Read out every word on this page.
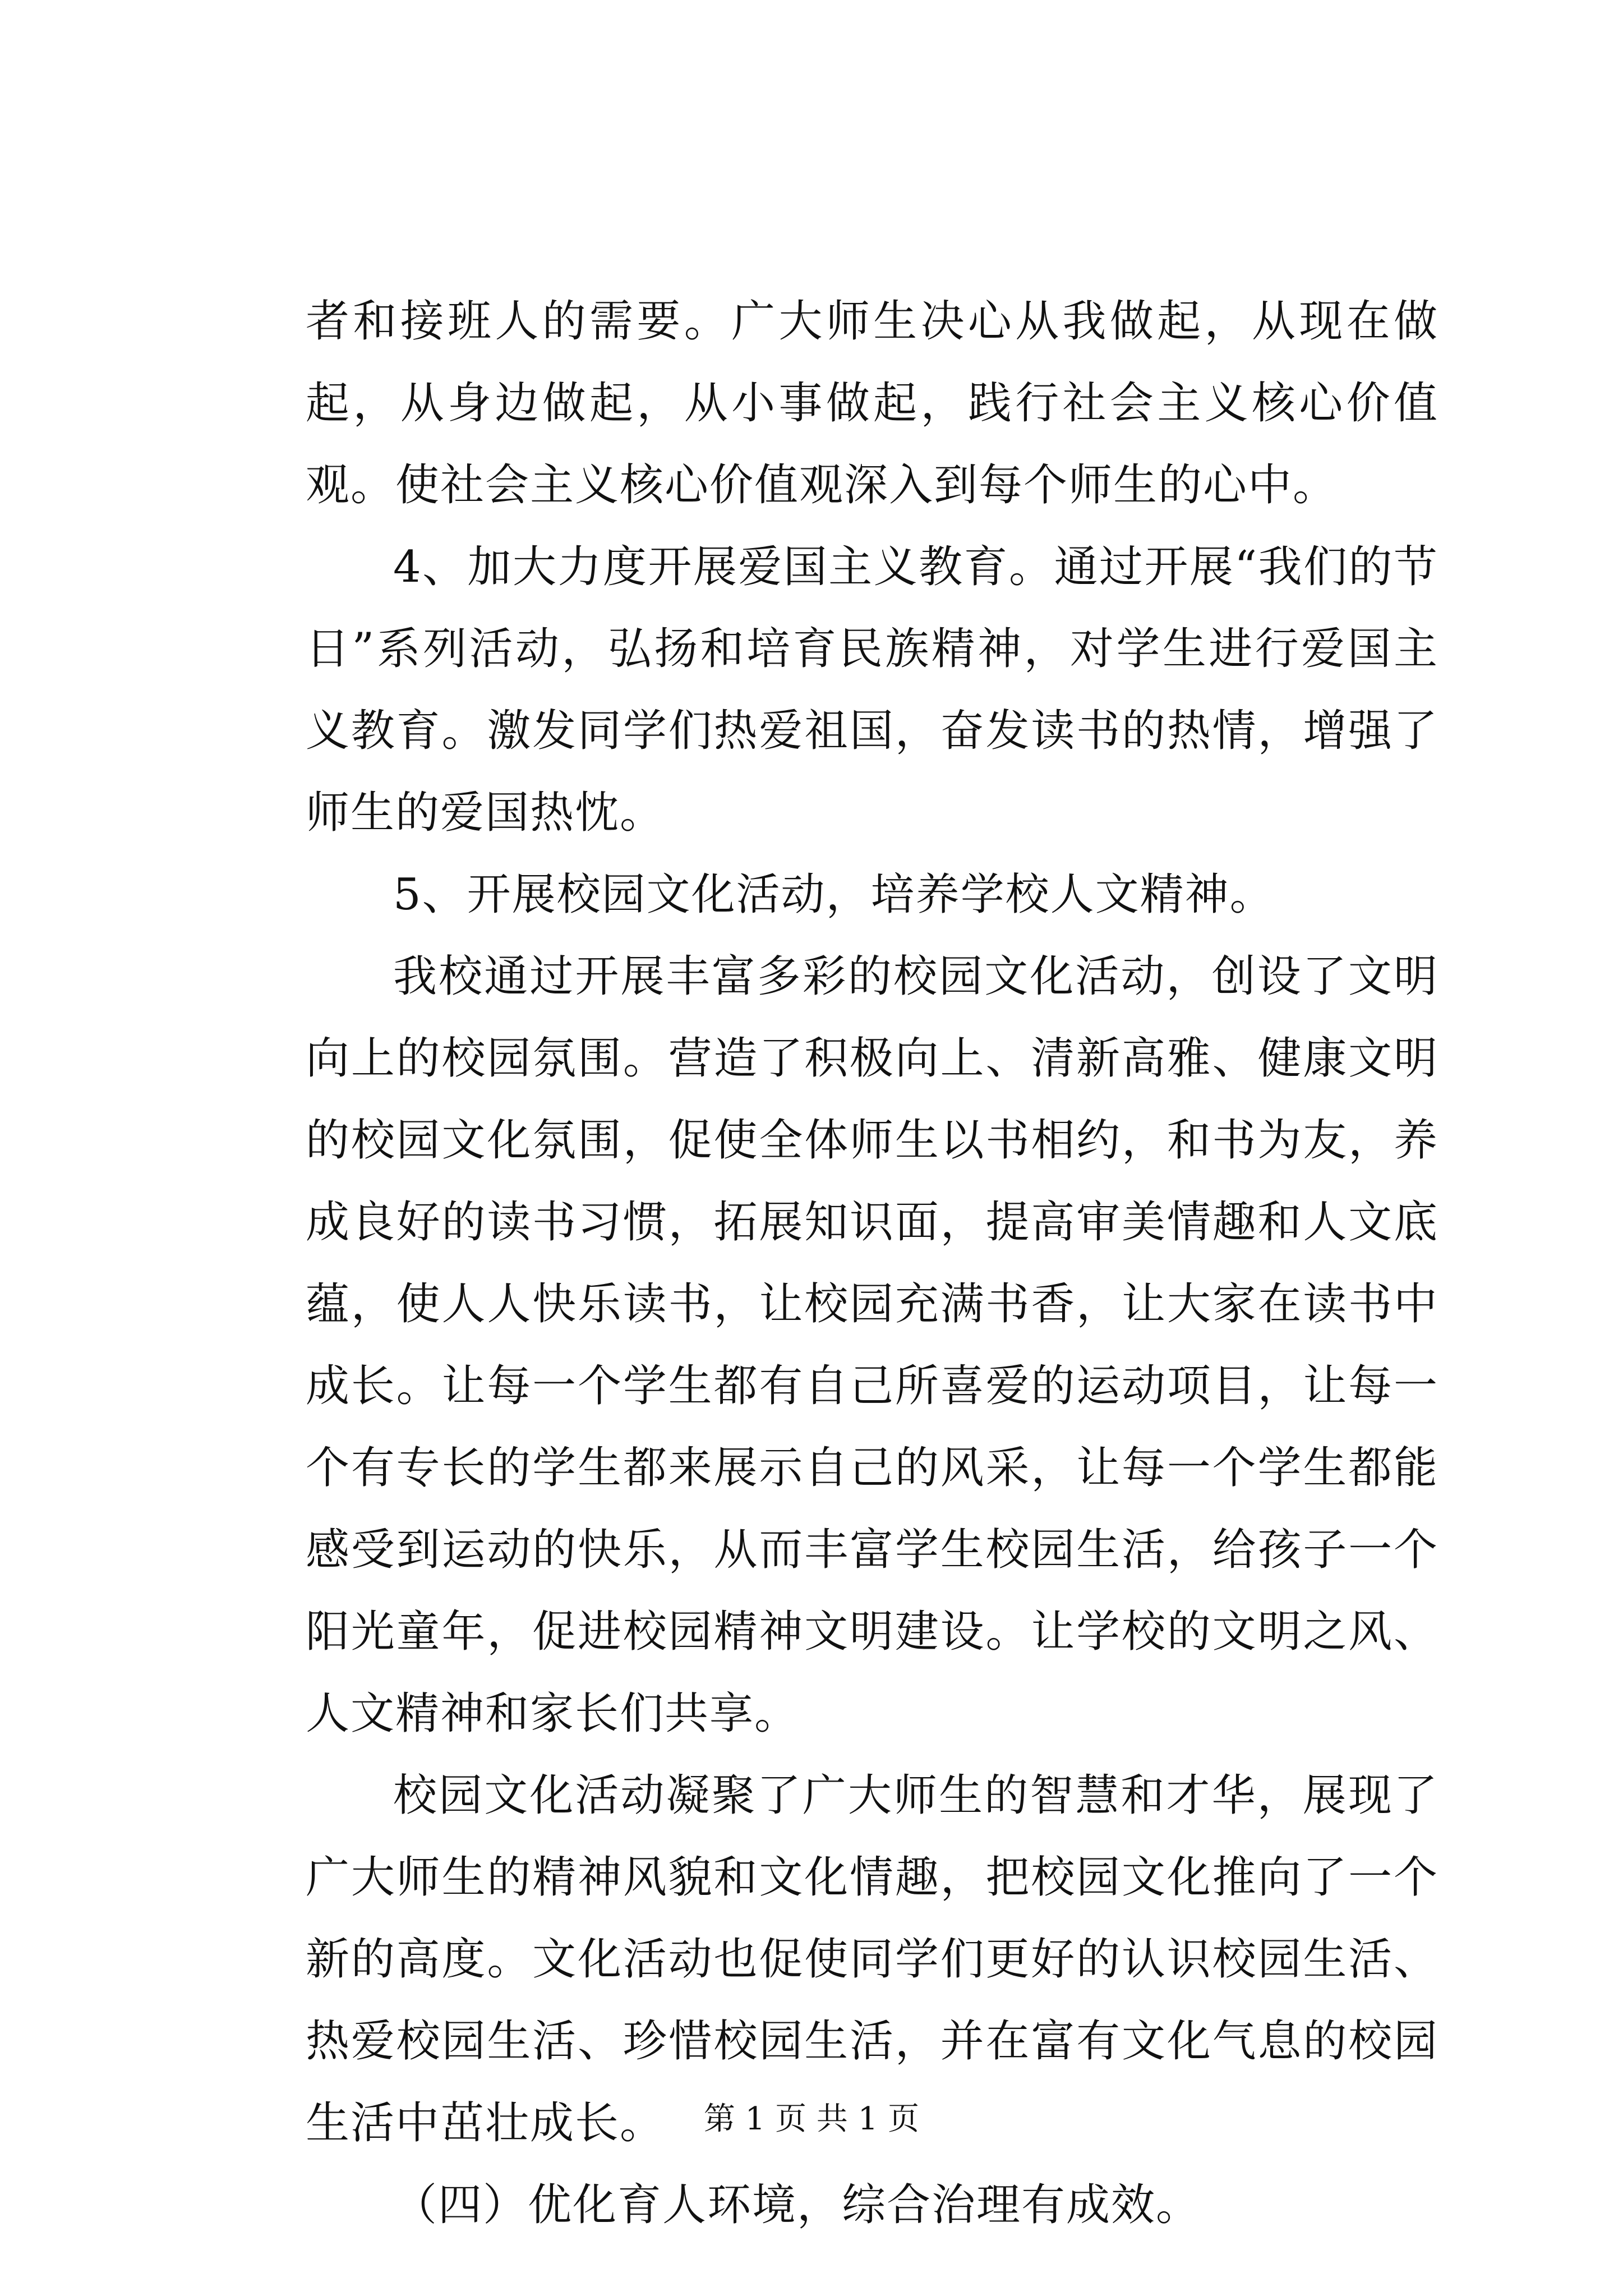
者和接班人的需要。广大师生决心从我做起，从现在做起，从身边做起，从小事做起，践行社会主义核心价值观。使社会主义核心价值观深入到每个师生的心中。

4、加大力度开展爱国主义教育。通过开展“我们的节日”系列活动，弘扬和培育民族精神，对学生进行爱国主义教育。激发同学们热爱祖国，奋发读书的热情，增强了师生的爱国热忱。

5、开展校园文化活动，培养学校人文精神。

我校通过开展丰富多彩的校园文化活动，创设了文明向上的校园氛围。营造了积极向上、清新高雅、健康文明的校园文化氛围，促使全体师生以书相约，和书为友，养成良好的读书习惯，拓展知识面，提高审美情趣和人文底蕴，使人人快乐读书，让校园充满书香，让大家在读书中成长。让每一个学生都有自己所喜爱的运动项目，让每一个有专长的学生都来展示自己的风采，让每一个学生都能感受到运动的快乐，从而丰富学生校园生活，给孩子一个阳光童年，促进校园精神文明建设。让学校的文明之风、人文精神和家长们共享。

校园文化活动凝聚了广大师生的智慧和才华，展现了广大师生的精神风貌和文化情趣，把校园文化推向了一个新的高度。文化活动也促使同学们更好的认识校园生活、热爱校园生活、珍惜校园生活，并在富有文化气息的校园生活中茁壮成长。

（四）优化育人环境，综合治理有成效。

第 1 页 共 1 页
